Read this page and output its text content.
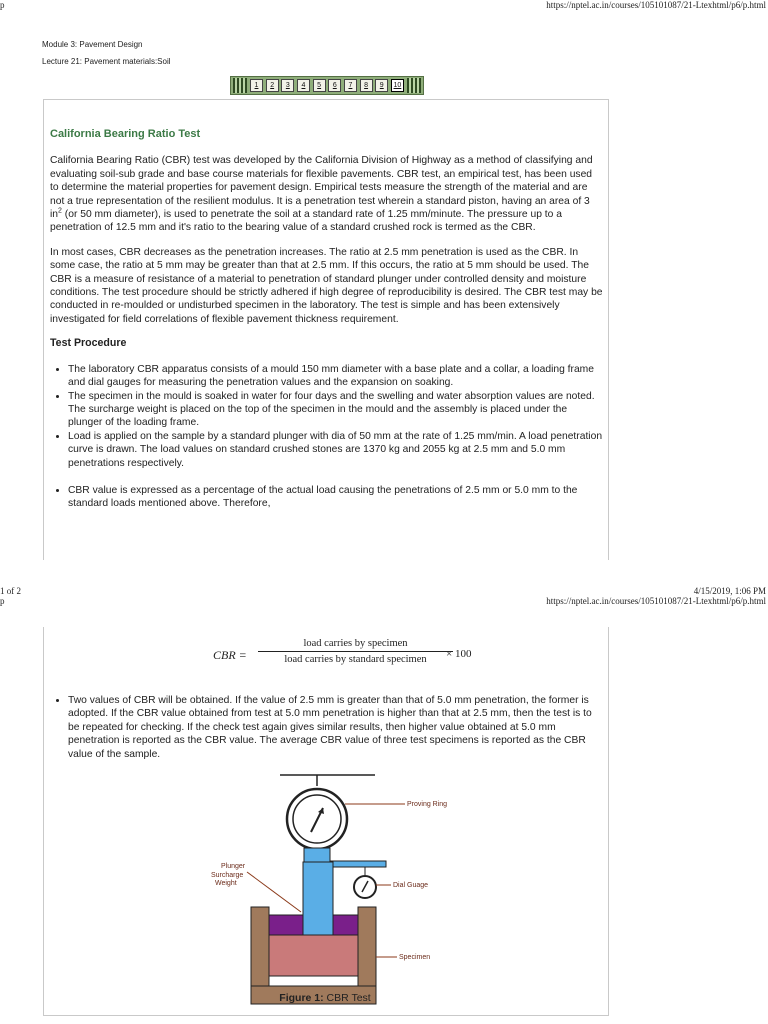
p	https://nptel.ac.in/courses/105101087/21-Ltexhtml/p6/p.html
Module 3: Pavement Design
Lecture 21: Pavement materials:Soil
1	2	3	4	5	6	7	8	9	10

California Bearing Ratio Test

California Bearing Ratio (CBR) test was developed by the California Division of Highway as a method of classifying and evaluating soil-sub grade and base course materials for flexible pavements. CBR test, an empirical test, has been used to determine the material properties for pavement design. Empirical tests measure the strength of the material and are not a true representation of the resilient modulus. It is a penetration test wherein a standard piston, having an area of 3 $in^2$ (or 50 mm diameter), is used to penetrate the soil at a standard rate of 1.25 mm/minute. The pressure up to a penetration of 12.5 mm and it's ratio to the bearing value of a standard crushed rock is termed as the CBR.

In most cases, CBR decreases as the penetration increases. The ratio at 2.5 mm penetration is used as the CBR. In some case, the ratio at 5 mm may be greater than that at 2.5 mm. If this occurs, the ratio at 5 mm should be used. The CBR is a measure of resistance of a material to penetration of standard plunger under controlled density and moisture conditions. The test procedure should be strictly adhered if high degree of reproducibility is desired. The CBR test may be conducted in re-moulded or undisturbed specimen in the laboratory. The test is simple and has been extensively investigated for field correlations of flexible pavement thickness requirement.

Test Procedure

• The laboratory CBR apparatus consists of a mould 150 mm diameter with a base plate and a collar, a loading frame and dial gauges for measuring the penetration values and the expansion on soaking.
• The specimen in the mould is soaked in water for four days and the swelling and water absorption values are noted. The surcharge weight is placed on the top of the specimen in the mould and the assembly is placed under the plunger of the loading frame.
• Load is applied on the sample by a standard plunger with dia of 50 mm at the rate of 1.25 mm/min. A load penetration curve is drawn. The load values on standard crushed stones are 1370 kg and 2055 kg at 2.5 mm and 5.0 mm penetrations respectively.
• CBR value is expressed as a percentage of the actual load causing the penetrations of 2.5 mm or 5.0 mm to the standard loads mentioned above. Therefore,
1 of 2
p
4/15/2019, 1:06 PM
https://nptel.ac.in/courses/105101087/21-Ltexhtml/p6/p.html
CBR =
load carries by specimen
load carries by standard specimen	× 100
• Two values of CBR will be obtained. If the value of 2.5 mm is greater than that of 5.0 mm penetration, the former is adopted. If the CBR value obtained from test at 5.0 mm penetration is higher than that at 2.5 mm, then the test is to be repeated for checking. If the check test again gives similar results, then higher value obtained at 5.0 mm penetration is reported as the CBR value. The average CBR value of three test specimens is reported as the CBR value of the sample.
Proving Ring
Dial Guage
Specimen
Plunger
Surcharge
Weight
Figure 1: CBR Test
